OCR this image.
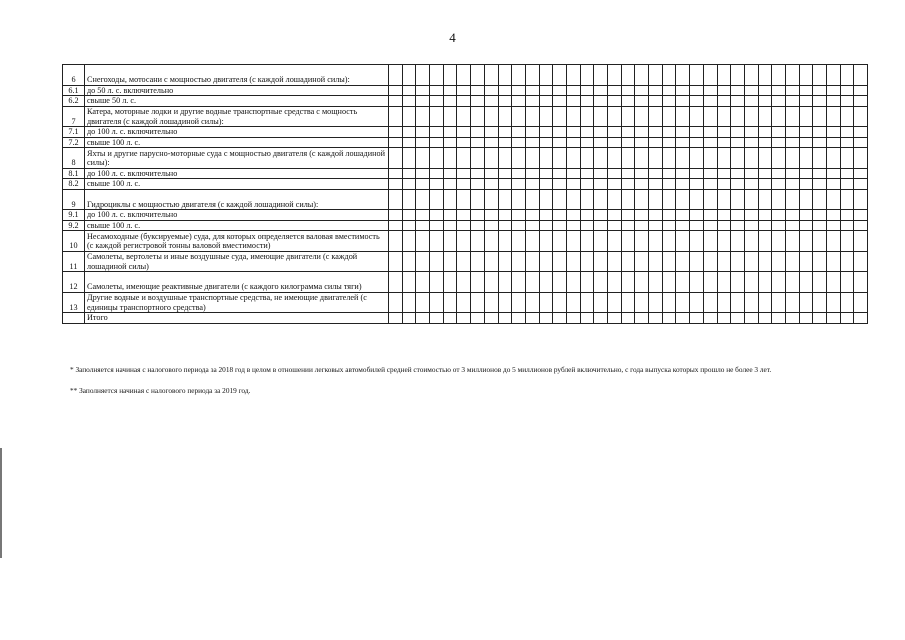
4
6	Снегоходы, мотосани с мощностью двигателя (с каждой лошадиной силы):																																			
6.1	до 50 л. с. включительно																																			
6.2	свыше 50 л. с.																																			
7	Катера, моторные лодки и другие водные транспортные средства с мощность двигателя (с каждой лошадиной силы):																																			
7.1	до 100 л. с. включительно																																			
7.2	свыше 100 л. с.																																			
8	Яхты и другие парусно-моторные суда с мощностью двигателя (с каждой лошадиной силы):																																			
8.1	до 100 л. с. включительно																																			
8.2	свыше 100 л. с.																																			
9	Гидроциклы с мощностью двигателя (с каждой лошадиной силы):																																			
9.1	до 100 л. с. включительно																																			
9.2	свыше 100 л. с.																																			
10	Несамоходные (буксируемые) суда, для которых определяется валовая вместимость (с каждой регистровой тонны валовой вместимости)																																			
11	Самолеты, вертолеты и иные воздушные суда, имеющие двигатели (с каждой лошадиной силы)																																			
12	Самолеты, имеющие реактивные двигатели (с каждого килограмма силы тяги)																																			
13	Другие водные и воздушные транспортные средства, не имеющие двигателей (с единицы транспортного средства)																																			
	Итого																																			
* Заполняется начиная с налогового периода за 2018 год в целом в отношении легковых автомобилей средней стоимостью от 3 миллионов до 5 миллионов рублей включительно, с года выпуска которых прошло не более 3 лет.
** Заполняется начиная с налогового периода за 2019 год.
